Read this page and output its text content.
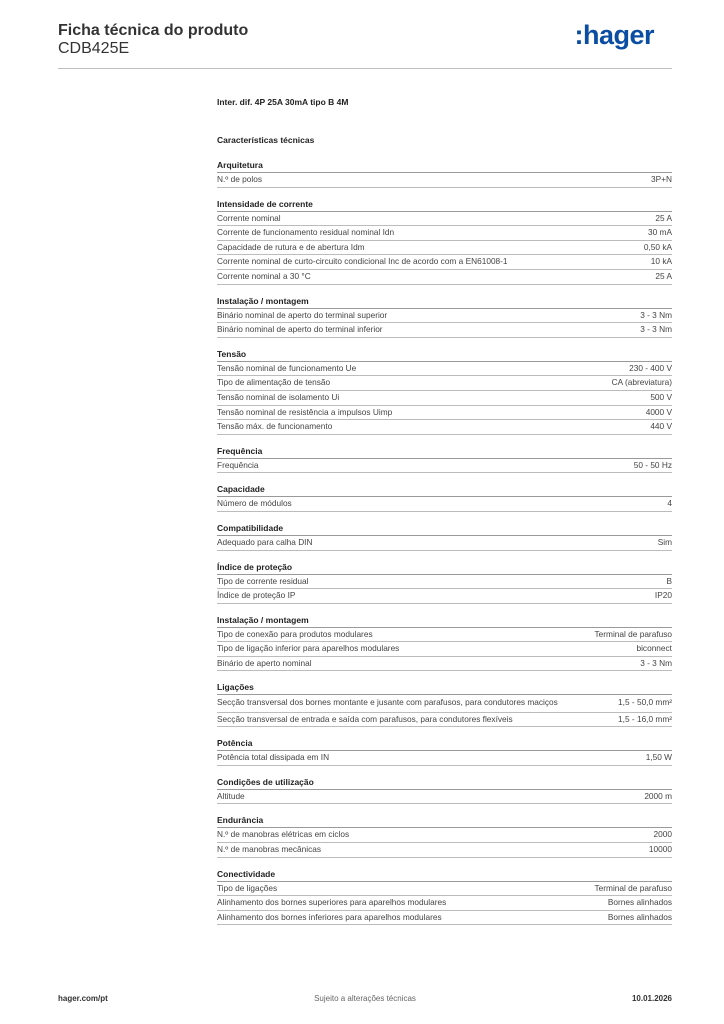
Ficha técnica do produto
CDB425E	:hager
Inter. dif. 4P 25A 30mA tipo B 4M
Características técnicas
Arquitetura
N.º de polos	3P+N
Intensidade de corrente
Corrente nominal	25 A
Corrente de funcionamento residual nominal Idn	30 mA
Capacidade de rutura e de abertura Idm	0,50 kA
Corrente nominal de curto-circuito condicional Inc de acordo com a EN61008-1	10 kA
Corrente nominal a 30 °C	25 A
Instalação / montagem
Binário nominal de aperto do terminal superior	3 - 3 Nm
Binário nominal de aperto do terminal inferior	3 - 3 Nm
Tensão
Tensão nominal de funcionamento Ue	230 - 400 V
Tipo de alimentação de tensão	CA (abreviatura)
Tensão nominal de isolamento Ui	500 V
Tensão nominal de resistência a impulsos Uimp	4000 V
Tensão máx. de funcionamento	440 V
Frequência
Frequência	50 - 50 Hz
Capacidade
Número de módulos	4
Compatibilidade
Adequado para calha DIN	Sim
Índice de proteção
Tipo de corrente residual	B
Índice de proteção IP	IP20
Instalação / montagem
Tipo de conexão para produtos modulares	Terminal de parafuso
Tipo de ligação inferior para aparelhos modulares	biconnect
Binário de aperto nominal	3 - 3 Nm
Ligações
Secção transversal dos bornes montante e jusante com parafusos, para condutores maciços	1,5 - 50,0 mm²
Secção transversal de entrada e saída com parafusos, para condutores flexíveis	1,5 - 16,0 mm²
Potência
Potência total dissipada em IN	1,50 W
Condições de utilização
Altitude	2000 m
Endurância
N.º de manobras elétricas em ciclos	2000
N.º de manobras mecânicas	10000
Conectividade
Tipo de ligações	Terminal de parafuso
Alinhamento dos bornes superiores para aparelhos modulares	Bornes alinhados
Alinhamento dos bornes inferiores para aparelhos modulares	Bornes alinhados
hager.com/pt	Sujeito a alterações técnicas	10.01.2026
